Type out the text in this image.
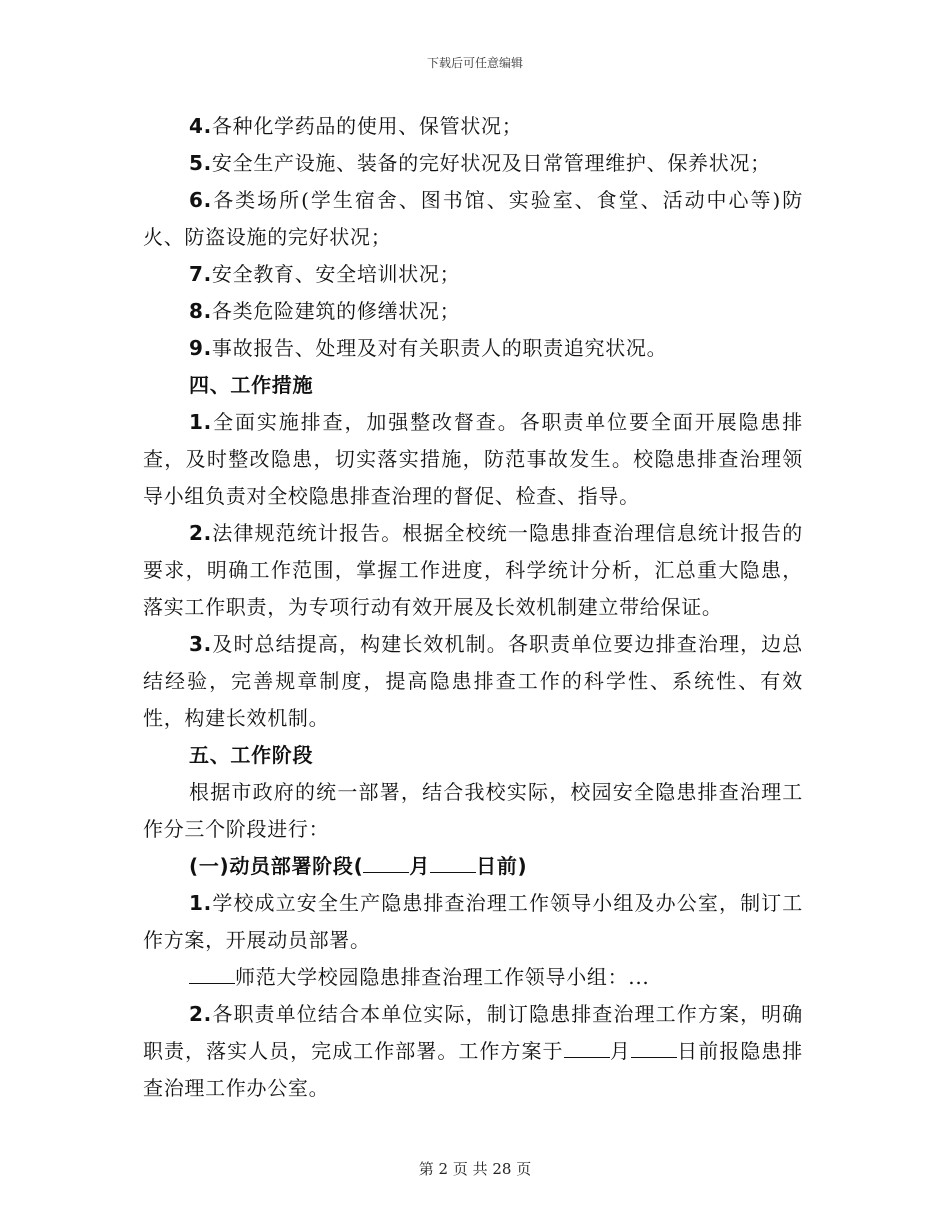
下载后可任意编辑

4.各种化学药品的使用、保管状况；

5.安全生产设施、装备的完好状况及日常管理维护、保养状况；

6.各类场所(学生宿舍、图书馆、实验室、食堂、活动中心等)防火、防盗设施的完好状况；

7.安全教育、安全培训状况；

8.各类危险建筑的修缮状况；

9.事故报告、处理及对有关职责人的职责追究状况。

四、工作措施

1.全面实施排查，加强整改督查。各职责单位要全面开展隐患排查，及时整改隐患，切实落实措施，防范事故发生。校隐患排查治理领导小组负责对全校隐患排查治理的督促、检查、指导。

2.法律规范统计报告。根据全校统一隐患排查治理信息统计报告的要求，明确工作范围，掌握工作进度，科学统计分析，汇总重大隐患，落实工作职责，为专项行动有效开展及长效机制建立带给保证。

3.及时总结提高，构建长效机制。各职责单位要边排查治理，边总结经验，完善规章制度，提高隐患排查工作的科学性、系统性、有效性，构建长效机制。

五、工作阶段

根据市政府的统一部署，结合我校实际，校园安全隐患排查治理工作分三个阶段进行：

(一)动员部署阶段( 月 日前)

1.学校成立安全生产隐患排查治理工作领导小组及办公室，制订工作方案，开展动员部署。

师范大学校园隐患排查治理工作领导小组：...

2.各职责单位结合本单位实际，制订隐患排查治理工作方案，明确职责，落实人员，完成工作部署。工作方案于 月 日前报隐患排查治理工作办公室。

第 2 页 共 28 页
